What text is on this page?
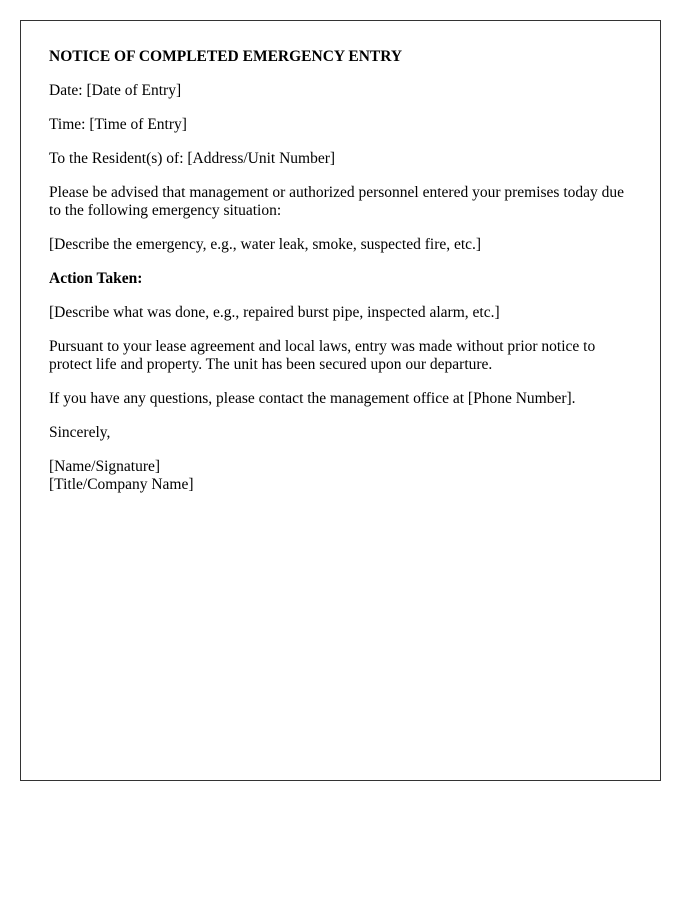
NOTICE OF COMPLETED EMERGENCY ENTRY

Date: [Date of Entry]

Time: [Time of Entry]

To the Resident(s) of: [Address/Unit Number]

Please be advised that management or authorized personnel entered your premises today due to the following emergency situation:

[Describe the emergency, e.g., water leak, smoke, suspected fire, etc.]

Action Taken:

[Describe what was done, e.g., repaired burst pipe, inspected alarm, etc.]

Pursuant to your lease agreement and local laws, entry was made without prior notice to protect life and property. The unit has been secured upon our departure.

If you have any questions, please contact the management office at [Phone Number].

Sincerely,

[Name/Signature]
[Title/Company Name]
